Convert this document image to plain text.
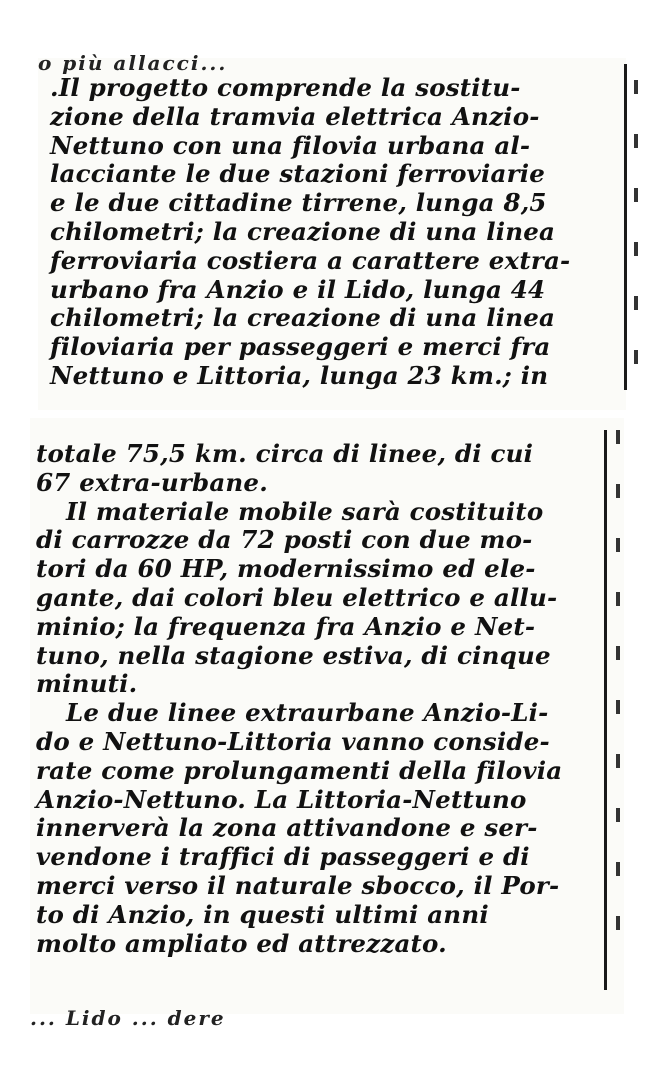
o più allacci...

.Il progetto comprende la sostitu-
zione della tramvia elettrica Anzio-
Nettuno con una filovia urbana al-
lacciante le due stazioni ferroviarie
e le due cittadine tirrene, lunga 8,5
chilometri; la creazione di una linea
ferroviaria costiera a carattere extra-
urbano fra Anzio e il Lido, lunga 44
chilometri; la creazione di una linea
filoviaria per passeggeri e merci fra
Nettuno e Littoria, lunga 23 km.; in

totale 75,5 km. circa di linee, di cui
67 extra-urbane.

Il materiale mobile sarà costituito
di carrozze da 72 posti con due mo-
tori da 60 HP, modernissimo ed ele-
gante, dai colori bleu elettrico e allu-
minio; la frequenza fra Anzio e Net-
tuno, nella stagione estiva, di cinque
minuti.

Le due linee extraurbane Anzio-Li-
do e Nettuno-Littoria vanno conside-
rate come prolungamenti della filovia
Anzio-Nettuno. La Littoria-Nettuno
innerverà la zona attivandone e ser-
vendone i traffici di passeggeri e di
merci verso il naturale sbocco, il Por-
to di Anzio, in questi ultimi anni
molto ampliato ed attrezzato.

... Lido ... dere
